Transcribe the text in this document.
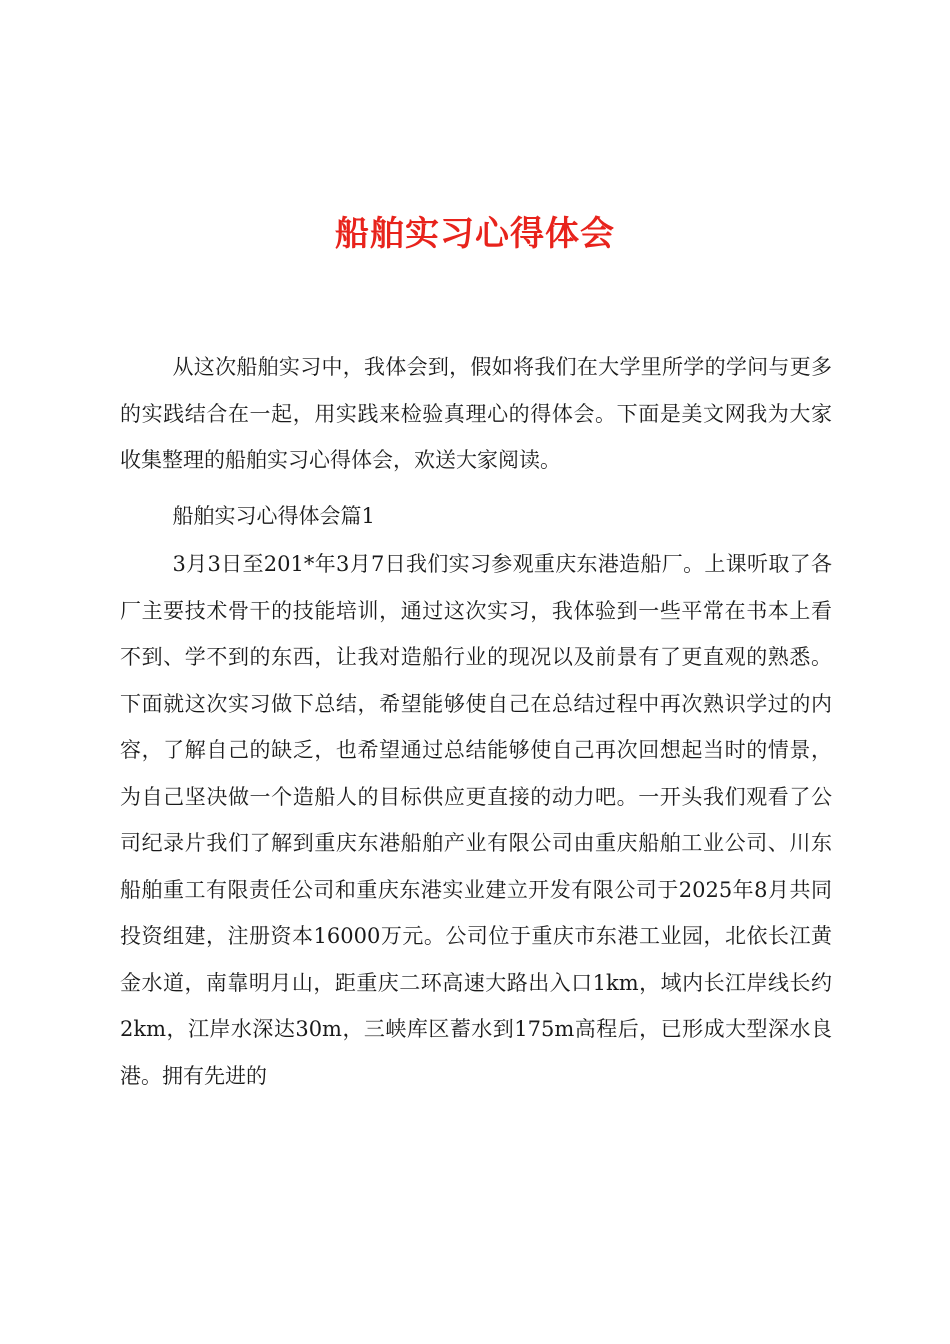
船舶实习心得体会

从这次船舶实习中，我体会到，假如将我们在大学里所学的学问与更多的实践结合在一起，用实践来检验真理心的得体会。下面是美文网我为大家收集整理的船舶实习心得体会，欢送大家阅读。

船舶实习心得体会篇1

3月3日至201*年3月7日我们实习参观重庆东港造船厂。上课听取了各厂主要技术骨干的技能培训，通过这次实习，我体验到一些平常在书本上看不到、学不到的东西，让我对造船行业的现况以及前景有了更直观的熟悉。下面就这次实习做下总结，希望能够使自己在总结过程中再次熟识学过的内容，了解自己的缺乏，也希望通过总结能够使自己再次回想起当时的情景，为自己坚决做一个造船人的目标供应更直接的动力吧。一开头我们观看了公司纪录片我们了解到重庆东港船舶产业有限公司由重庆船舶工业公司、川东船舶重工有限责任公司和重庆东港实业建立开发有限公司于2025年8月共同投资组建，注册资本16000万元。公司位于重庆市东港工业园，北依长江黄金水道，南靠明月山，距重庆二环高速大路出入口1km，域内长江岸线长约2km，江岸水深达30m，三峡库区蓄水到175m高程后，已形成大型深水良港。拥有先进的
